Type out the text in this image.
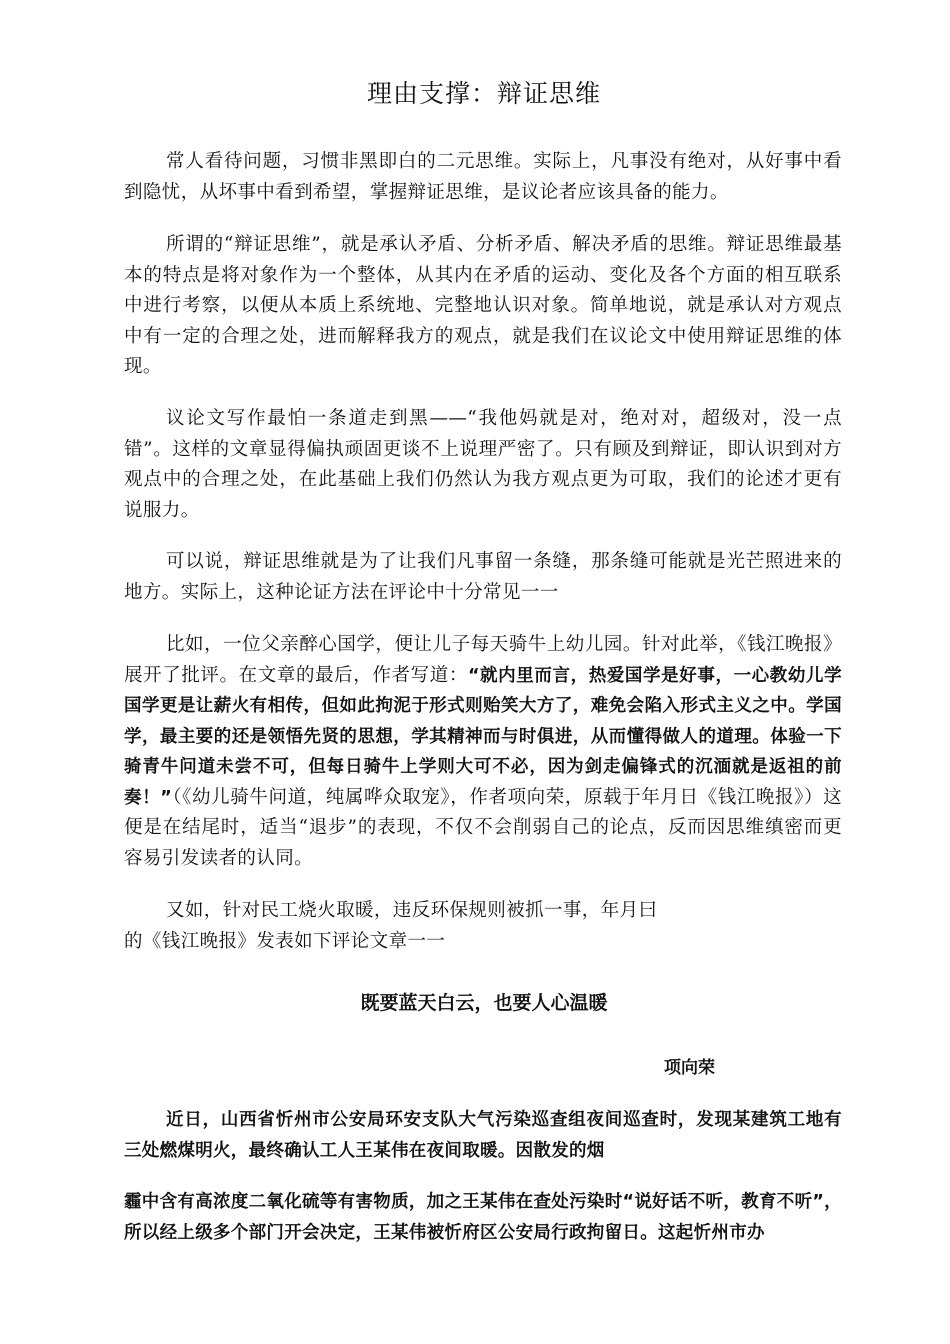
理由支撑：辩证思维

常人看待问题，习惯非黑即白的二元思维。实际上，凡事没有绝对，从好事中看到隐忧，从坏事中看到希望，掌握辩证思维，是议论者应该具备的能力。

所谓的“辩证思维”，就是承认矛盾、分析矛盾、解决矛盾的思维。辩证思维最基本的特点是将对象作为一个整体，从其内在矛盾的运动、变化及各个方面的相互联系中进行考察，以便从本质上系统地、完整地认识对象。简单地说，就是承认对方观点中有一定的合理之处，进而解释我方的观点，就是我们在议论文中使用辩证思维的体现。

议论文写作最怕一条道走到黑——“我他妈就是对，绝对对，超级对，没一点错”。这样的文章显得偏执顽固更谈不上说理严密了。只有顾及到辩证，即认识到对方观点中的合理之处，在此基础上我们仍然认为我方观点更为可取，我们的论述才更有说服力。

可以说，辩证思维就是为了让我们凡事留一条缝，那条缝可能就是光芒照进来的地方。实际上，这种论证方法在评论中十分常见一一

比如，一位父亲醉心国学，便让儿子每天骑牛上幼儿园。针对此举，《钱江晚报》展开了批评。在文章的最后，作者写道：“就内里而言，热爱国学是好事，一心教幼儿学国学更是让薪火有相传，但如此拘泥于形式则贻笑大方了，难免会陷入形式主义之中。学国学，最主要的还是领悟先贤的思想，学其精神而与时俱进，从而懂得做人的道理。体验一下骑青牛问道未尝不可，但每日骑牛上学则大可不必，因为剑走偏锋式的沉湎就是返祖的前奏！”（《幼儿骑牛问道，纯属哗众取宠》，作者项向荣，原载于年月日《钱江晚报》）这便是在结尾时，适当“退步”的表现，不仅不会削弱自己的论点，反而因思维缜密而更容易引发读者的认同。

又如，针对民工烧火取暖，违反环保规则被抓一事，年月曰
的《钱江晚报》发表如下评论文章一一

既要蓝天白云，也要人心温暖
项向荣

近日，山西省忻州市公安局环安支队大气污染巡查组夜间巡查时，发现某建筑工地有三处燃煤明火，最终确认工人王某伟在夜间取暖。因散发的烟

霾中含有高浓度二氧化硫等有害物质，加之王某伟在查处污染时“说好话不听，教育不听”，所以经上级多个部门开会决定，王某伟被忻府区公安局行政拘留日。这起忻州市办
